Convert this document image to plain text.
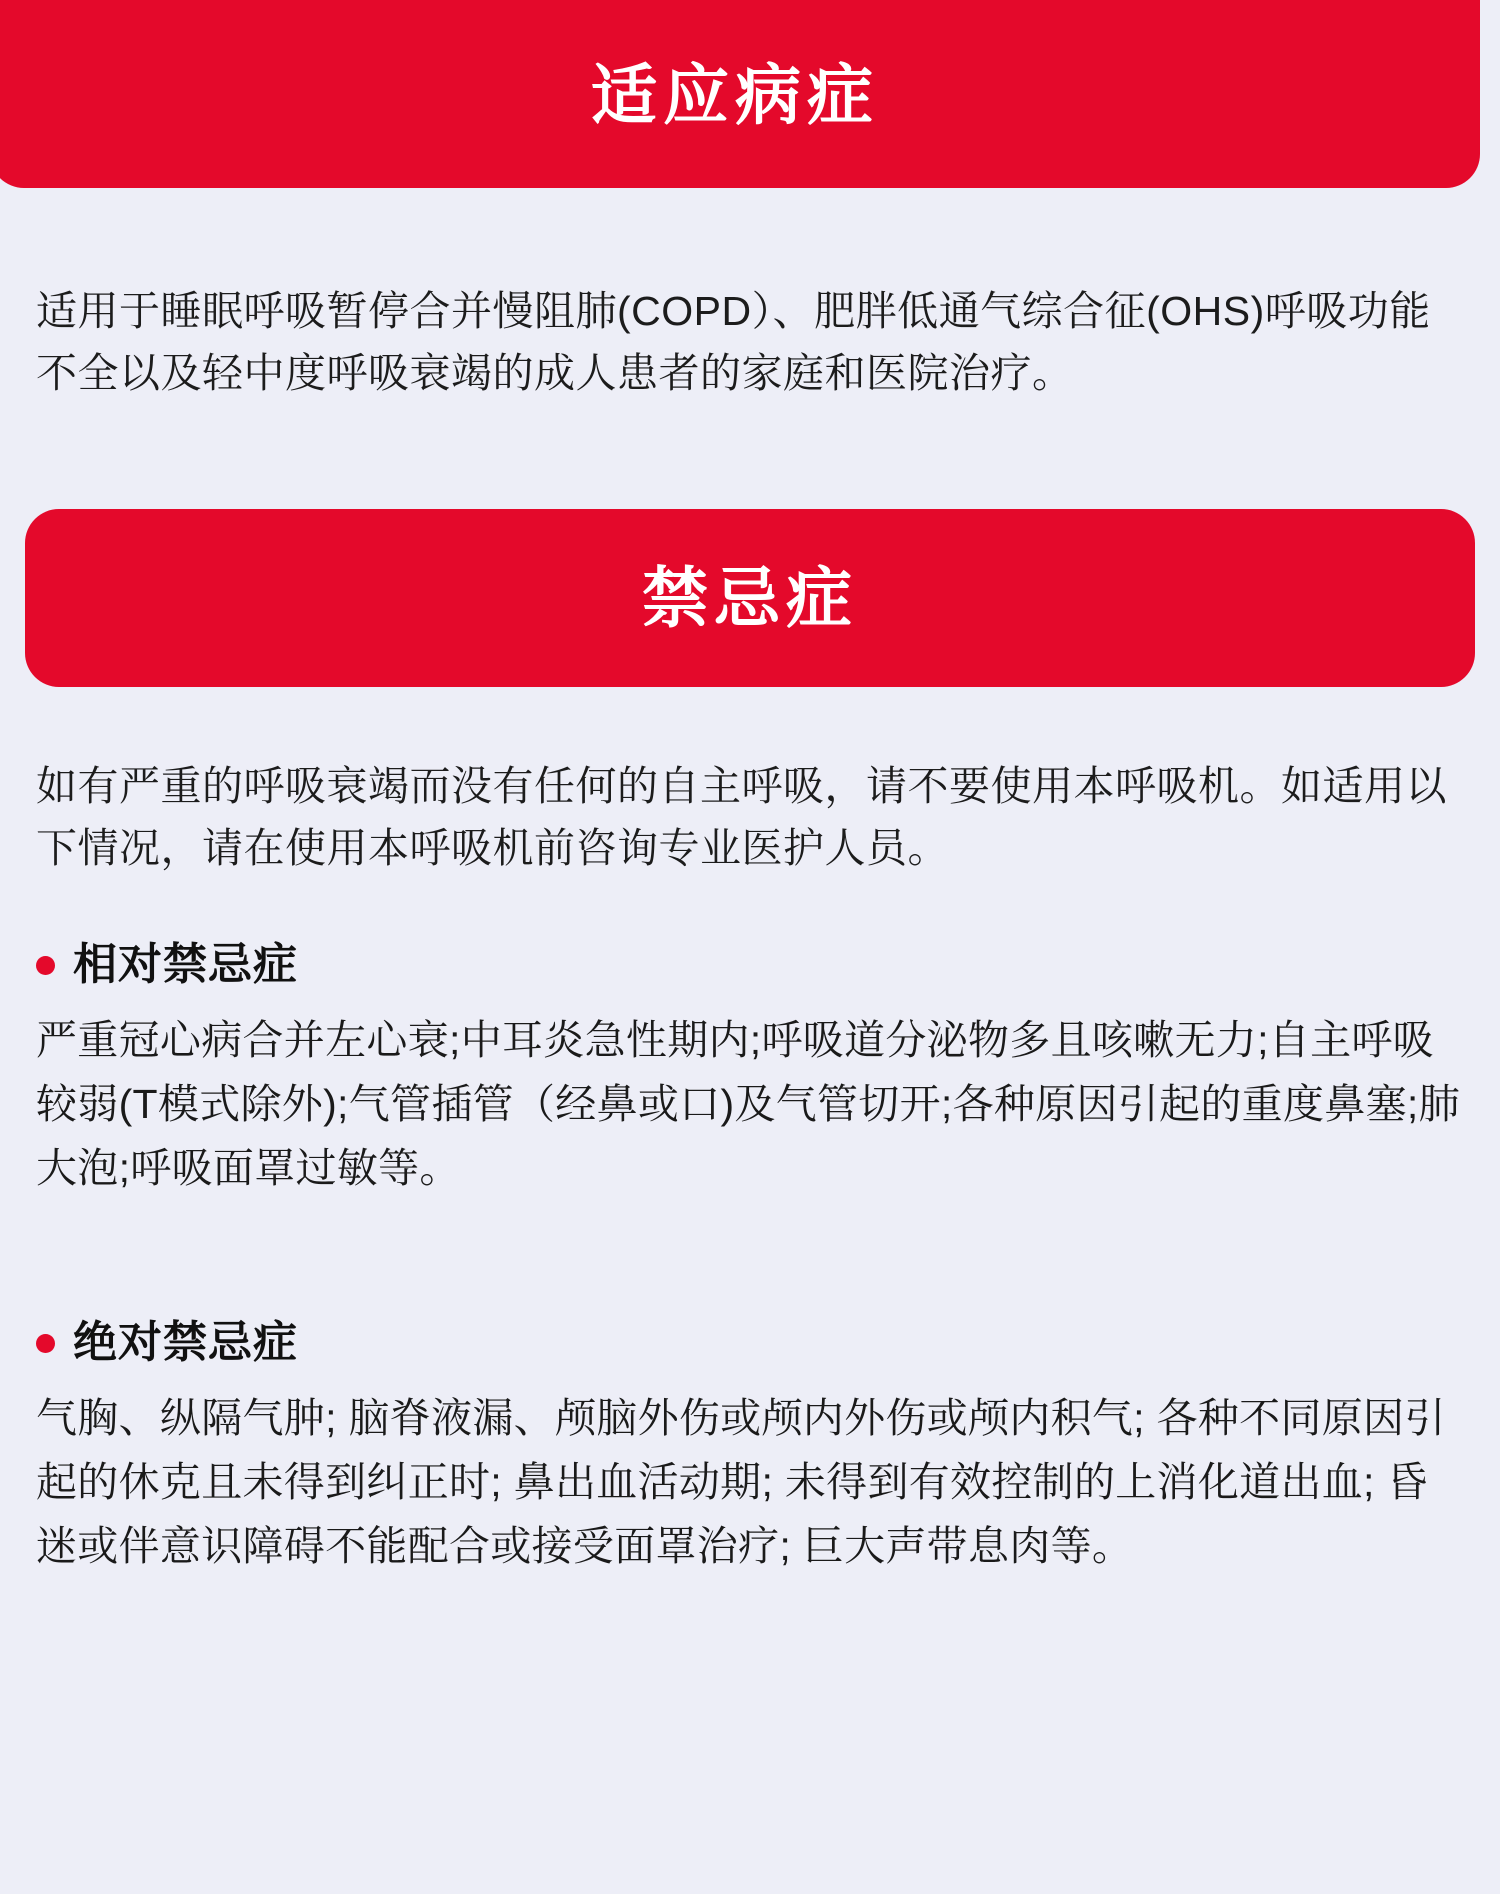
适应病症

适用于睡眠呼吸暂停合并慢阻肺(COPD）、肥胖低通气综合征(OHS)呼吸功能不全以及轻中度呼吸衰竭的成人患者的家庭和医院治疗。

禁忌症

如有严重的呼吸衰竭而没有任何的自主呼吸，请不要使用本呼吸机。如适用以下情况，请在使用本呼吸机前咨询专业医护人员。

相对禁忌症
严重冠心病合并左心衰;中耳炎急性期内;呼吸道分泌物多且咳嗽无力;自主呼吸较弱(T模式除外);气管插管（经鼻或口)及气管切开;各种原因引起的重度鼻塞;肺大泡;呼吸面罩过敏等。
绝对禁忌症
气胸、纵隔气肿; 脑脊液漏、颅脑外伤或颅内外伤或颅内积气; 各种不同原因引起的休克且未得到纠正时; 鼻出血活动期; 未得到有效控制的上消化道出血; 昏迷或伴意识障碍不能配合或接受面罩治疗; 巨大声带息肉等。
